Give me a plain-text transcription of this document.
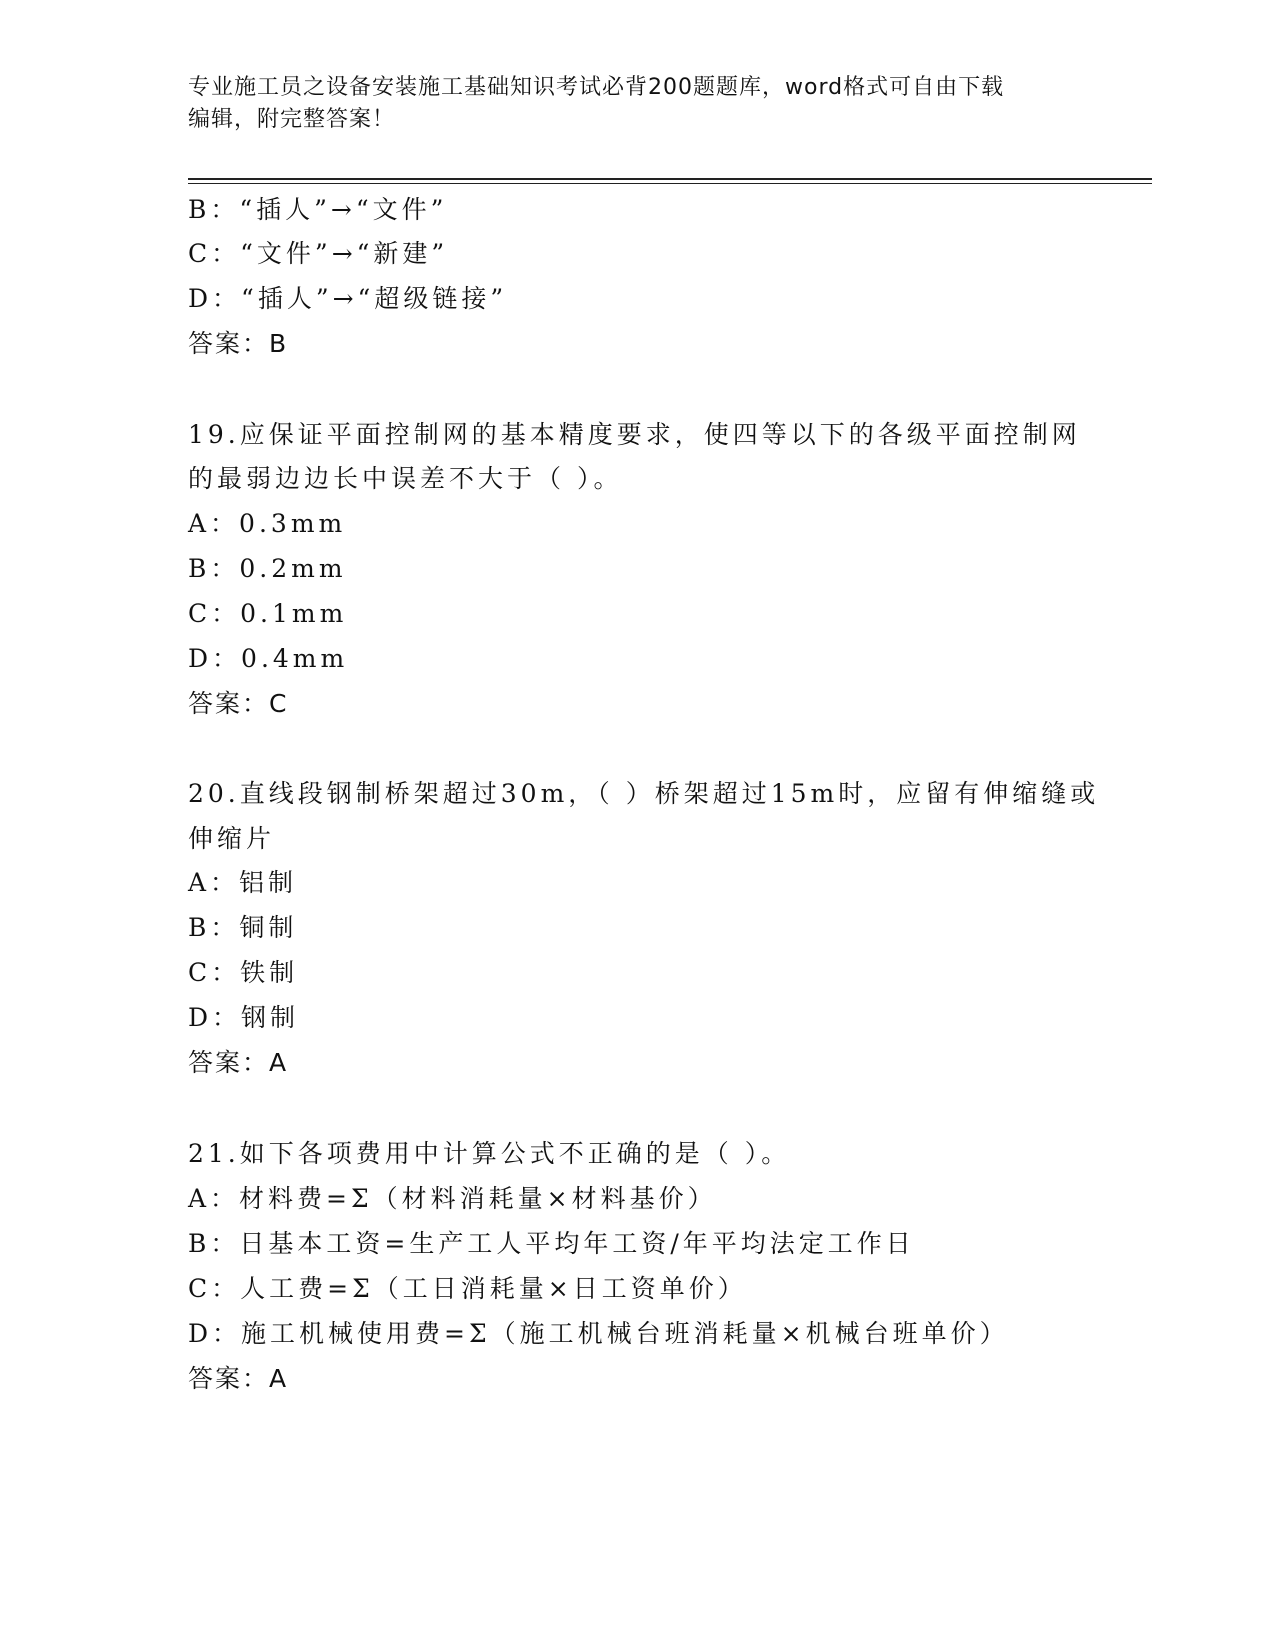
专业施工员之设备安装施工基础知识考试必背200题题库，word格式可自由下载
编辑，附完整答案！
B：“插人”→“文件”
C：“文件”→“新建”
D：“插人”→“超级链接”
答案：B
19.应保证平面控制网的基本精度要求，使四等以下的各级平面控制网
的最弱边边长中误差不大于（ ）。
A：0.3mm
B：0.2mm
C：0.1mm
D：0.4mm
答案：C
20.直线段钢制桥架超过30m，（ ）桥架超过15m时，应留有伸缩缝或
伸缩片
A：铝制
B：铜制
C：铁制
D：钢制
答案：A
21.如下各项费用中计算公式不正确的是（ ）。
A：材料费=Σ（材料消耗量×材料基价）
B：日基本工资=生产工人平均年工资/年平均法定工作日
C：人工费=Σ（工日消耗量×日工资单价）
D：施工机械使用费=Σ（施工机械台班消耗量×机械台班单价）
答案：A
